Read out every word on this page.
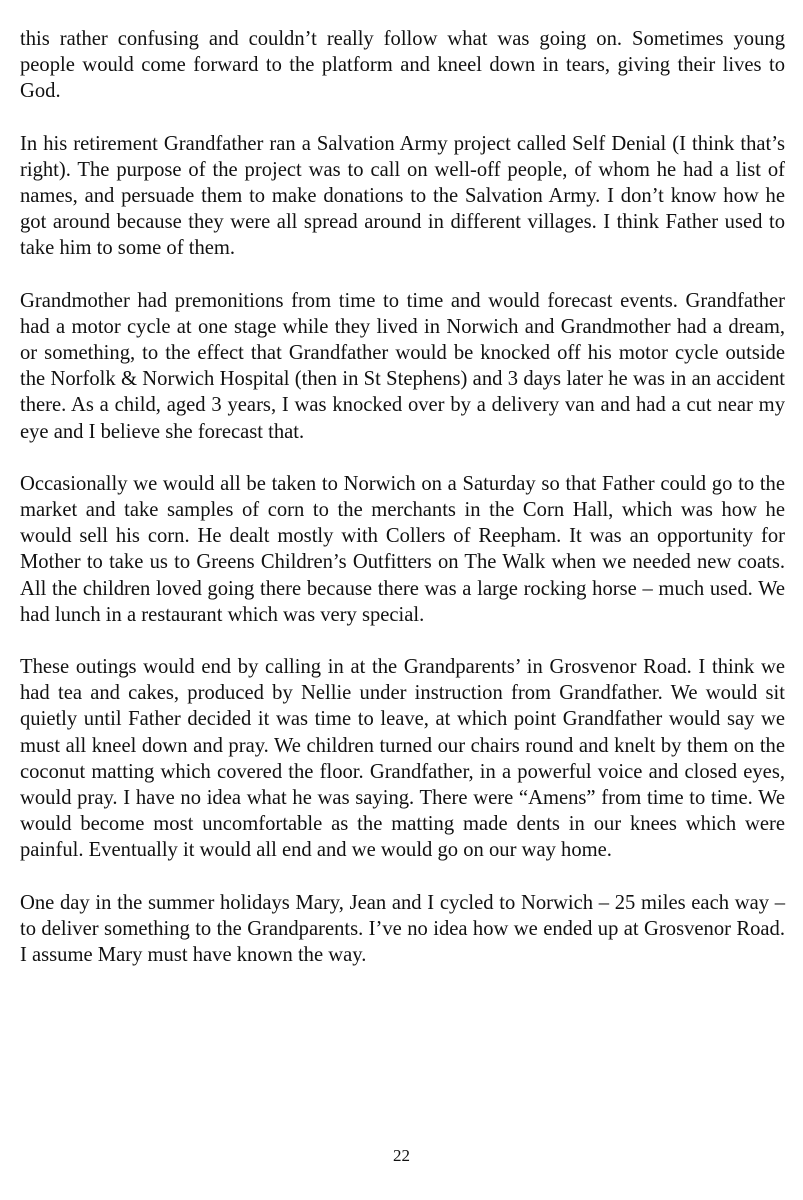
this rather confusing and couldn’t really follow what was going on. Sometimes young people would come forward to the platform and kneel down in tears, giving their lives to God.

In his retirement Grandfather ran a Salvation Army project called Self Denial (I think that’s right). The purpose of the project was to call on well-off people, of whom he had a list of names, and persuade them to make donations to the Salvation Army. I don’t know how he got around because they were all spread around in different villages. I think Father used to take him to some of them.

Grandmother had premonitions from time to time and would forecast events. Grandfather had a motor cycle at one stage while they lived in Norwich and Grandmother had a dream, or something, to the effect that Grandfather would be knocked off his motor cycle outside the Norfolk & Norwich Hospital (then in St Stephens) and 3 days later he was in an accident there. As a child, aged 3 years, I was knocked over by a delivery van and had a cut near my eye and I believe she forecast that.

Occasionally we would all be taken to Norwich on a Saturday so that Father could go to the market and take samples of corn to the merchants in the Corn Hall, which was how he would sell his corn. He dealt mostly with Collers of Reepham. It was an opportunity for Mother to take us to Greens Children’s Outfitters on The Walk when we needed new coats. All the children loved going there because there was a large rocking horse – much used. We had lunch in a restaurant which was very special.

These outings would end by calling in at the Grandparents’ in Grosvenor Road. I think we had tea and cakes, produced by Nellie under instruction from Grandfather. We would sit quietly until Father decided it was time to leave, at which point Grandfather would say we must all kneel down and pray. We children turned our chairs round and knelt by them on the coconut matting which covered the floor. Grandfather, in a powerful voice and closed eyes, would pray. I have no idea what he was saying. There were “Amens” from time to time. We would become most uncomfortable as the matting made dents in our knees which were painful. Eventually it would all end and we would go on our way home.

One day in the summer holidays Mary, Jean and I cycled to Norwich – 25 miles each way – to deliver something to the Grandparents. I’ve no idea how we ended up at Grosvenor Road. I assume Mary must have known the way.

22
